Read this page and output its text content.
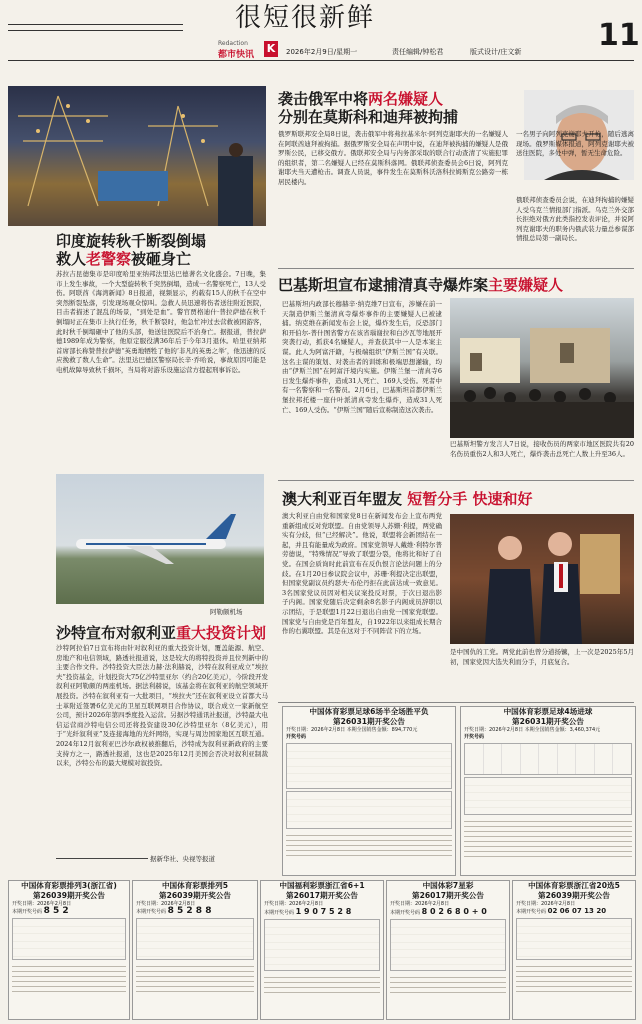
很短很新鲜
Redaction
都市快讯 K	2026年2月9日/星期一	责任编辑/钟松君	版式设计/庄文新	11
袭击俄军中将两名嫌疑人
分别在莫斯科和迪拜被拘捕
俄罗斯联邦安全局8日说，袭击俄军中将弗拉基米尔·阿列克谢耶夫的一名嫌疑人在阿联酋迪拜被拘捕。据俄罗斯安全局在声明中说，在迪拜被拘捕的嫌疑人是俄罗斯公民，已移交俄方。俄联邦安全局与内务部采取的联合行动查清了实施犯罪的组织者，第二名嫌疑人已经在莫斯科落网。俄联邦侦查委员会6日说，阿列克谢耶夫当天遭枪击。调查人员说，事件发生在莫斯科沃洛科拉姆斯克公路旁一栋居民楼内。
一名男子向阿列克谢耶夫开枪，随后逃离现场。俄罗斯媒体报道，阿列克谢耶夫被送往医院，多处中弹，暂无生命危险。
俄联邦侦查委员会说，在迪拜拘捕的嫌疑人受乌克兰情报部门指派。乌克兰外交部长拒绝对俄方此类指控发表评论，并说阿列克谢耶夫的职务内俄武装力量总参谋部情报总局第一副局长。
印度旋转秋千断裂倒塌
救人老警察被砸身亡
苏拉吉昆德集市是印度哈里亚纳邦法里达巴德著名文化盛会。7日晚，集市上发生事故，一个大型旋转秋千突然倒塌，造成一名警察死亡，13人受伤。阿联酋《海湾新闻》8日报道，视频显示，约载有15人的秋千在空中突然断裂坠落，引发现场观众惊叫。急救人员迅速将伤者送往附近医院，目击者描述了混乱的场景，“到处是血”。警官贾格迪什·普拉萨德在秋千倒塌时正在集市上执行任务，秋千断裂时，他急忙冲过去营救被困游客，此时秋千倒塌砸中了他的头部，他送往医院后不治身亡。据报道，普拉萨德1989年成为警察，他原定服役满36年后于今年3月退休。哈里亚纳邦首席部长称赞普拉萨德“英勇地牺牲了他的‘非凡的英勇之举’，他迅速的反应挽救了数人生命”。法里达巴德区警察局长辛·乔哈说，事故原因可能是电机故障导致秋千损坏，当局将对游乐设施运营方提起刑事诉讼。
巴基斯坦宣布逮捕清真寺爆炸案主要嫌疑人
巴基斯坦内政部长穆赫辛·纳克维7日宣布，涉嫌在前一天制造伊斯兰堡清真寺爆炸事件的主要嫌疑人已被逮捕。纳克维在新闻发布会上说，爆炸发生后，反恐部门和开伯尔-普什图省警方在该省瑙谢拉和白沙瓦等地展开突袭行动，抓获4名嫌疑人，并查获其中一人是本案主谋。此人为阿富汗籍，与极端组织“伊斯兰国”有关联。这名主谋的策划、对袭击者的训练和极端思想灌输，均由“伊斯兰国”在阿富汗境内实施。伊斯兰堡一清真寺6日发生爆炸事件，造成31人死亡、169人受伤。死者中有一名警察和一名警员。2月6日，巴基斯坦首都伊斯兰堡拉邦托楼一座什叶派清真寺发生爆炸，造成31人死亡、169人受伤。“伊斯兰国”随后宣称制造这次袭击。
巴基斯坦警方发言人7日说，接收伤员的两家市地区医院共有20名伤员重伤2人和3人死亡，爆炸袭击总死亡人数上升至36人。
阿勒颇机场
澳大利亚百年盟友 短暂分手 快速和好
澳大利亚自由党和国家党8日在新闻发布会上宣布两党重新组成反对党联盟。自由党领导人苏姗·利提，两党确实有分歧，但“已经解决”。他说，联盟将会新团结在一起，并且有能量成为政府。国家党领导人戴维·利特尔普劳德说，“特殊情况”导致了联盟分裂，他将比和好了自党。在国会质询时此前宣布在反仇恨言论法问题上的分歧。在1月20日参议院会议中，苏珊·利提决定出联盟，但国家党副议员约瑟夫·布伦丹拒在此前达成一致意见。3名国家党议员因对相关议案投反对票，于次日退出影子内阁。国家党随后决定剩余8名影子内阁成员辞职以示团结，于是联盟1月22日退出自由党一国家党联盟。国家党与自由党是百年盟友，自1922年以来组成长期合作的右翼联盟。其是在这对于不同阵营下的立场。
是中国仇的工党。两党此前也曾分道扬镳，上一次是2025年5月初，国家党因大选失利而分手，月底复合。
沙特宣布对叙利亚重大投资计划
沙特阿拉伯7日宣布将由针对叙利亚的重大投资计划，覆盖能源、航空、房地产和电信领域，路透社报道说，这是较大的将特投资并且位列新中的主要合作文件。沙特投资大臣法力赫·法利赫说，沙特在叙利亚成立“埃拉夫”投资基金，计划投资大75亿沙特里亚尔（约合20亿美元），今阶段开发叙利亚阿勒颇的两座机场。据法利赫说，该基金将在叙利亚的航空领域开展投资。沙特在叙利亚有一大批项目，“埃拉夫”还在叙利亚设立首都大马士革附近签署6亿美元的卫星互联网项目合作协议，联合成立一家新航空公司，预计2026年第四季度投入运营。另据沙特通讯社报道，沙特最大电信运营商沙特电信公司还将投资建设30亿沙特里亚尔（8亿美元），用于“光纤叙利亚”及连接海地的光纤网络，实现与周边国家地区互联互通。2024年12月叙利亚巴沙尔政权被推翻后，沙特成为叙利亚新政府的主要支持方之一，路透社报道，这也是2025年12月美国会否决对叙利亚制裁以来，沙特公布的最大规模对叙投资。
据新华社、央视等报道
中国体育彩票足球6场半全场胜平负
第26031期开奖公告
开奖日期：2026年2月8日 本期全国销售金额：894,770元
开奖号码
中国体育彩票足球4场进球
第26031期开奖公告
开奖日期：2026年2月8日 本期全国销售金额：3,460,374元
开奖号码
中国体育彩票排列3(浙江省)
第26039期开奖公告
开奖日期：2026年2月8日
本期开奖号码 8 5 2
中国体育彩票排列5
第26039期开奖公告
开奖日期：2026年2月8日
本期开奖号码 8 5 2 8 8
中国福利彩票浙江省6+1
第26017期开奖公告
开奖日期：2026年2月8日
本期开奖号码 1 9 0 7 5 2 8
中国体彩7星彩
第26017期开奖公告
开奖日期：2026年2月8日
本期开奖号码 8 0 2 6 8 0 + 0
中国体育彩票浙江省20选5
第26039期开奖公告
开奖日期：2026年2月8日
本期开奖号码 02 06 07 13 20
